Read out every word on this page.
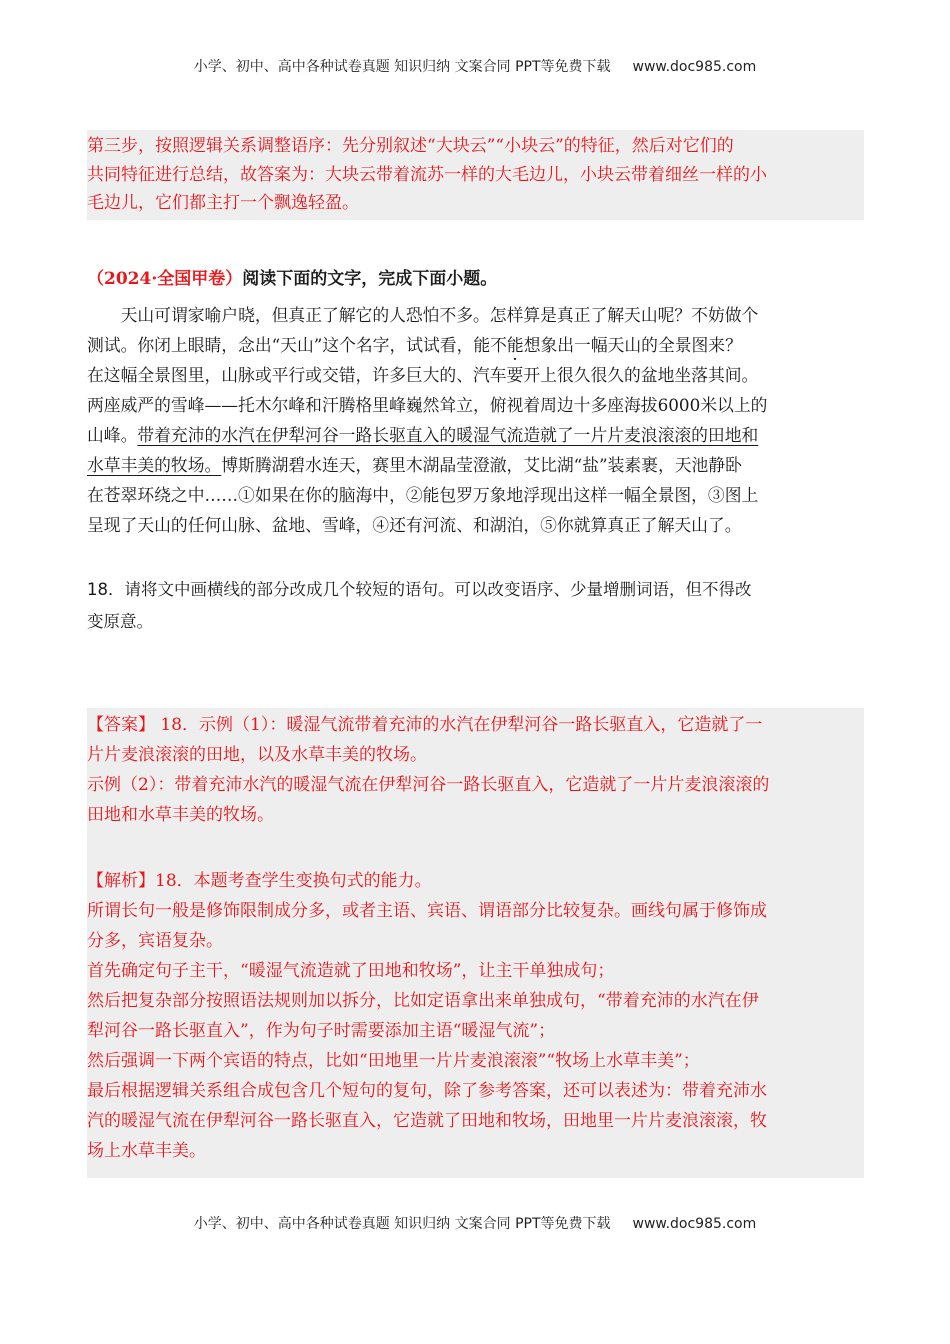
小学、初中、高中各种试卷真题 知识归纳 文案合同 PPT等免费下载 www.doc985.com
第三步，按照逻辑关系调整语序：先分别叙述“大块云”“小块云”的特征，然后对它们的
共同特征进行总结，故答案为：大块云带着流苏一样的大毛边儿，小块云带着细丝一样的小
毛边儿，它们都主打一个飘逸轻盈。
（2024·全国甲卷）阅读下面的文字，完成下面小题。
天山可谓家喻户晓，但真正了解它的人恐怕不多。怎样算是真正了解天山呢？不妨做个
测试。你闭上眼睛，念出“天山”这个名字，试试看，能不能想象出一幅天山的全景图来？
在这幅全景图里，山脉或平行或交错，许多巨大的、汽车要开上很久很久的盆地坐落其间。
两座威严的雪峰——托木尔峰和汗腾格里峰巍然耸立，俯视着周边十多座海拔6000米以上的
山峰。带着充沛的水汽在伊犁河谷一路长驱直入的暖湿气流造就了一片片麦浪滚滚的田地和
水草丰美的牧场。博斯腾湖碧水连天，赛里木湖晶莹澄澈，艾比湖“盐”装素裹，天池静卧
在苍翠环绕之中……①如果在你的脑海中，②能包罗万象地浮现出这样一幅全景图，③图上
呈现了天山的任何山脉、盆地、雪峰，④还有河流、和湖泊，⑤你就算真正了解天山了。
18．请将文中画横线的部分改成几个较短的语句。可以改变语序、少量增删词语，但不得改
变原意。
【答案】 18．示例（1）：暖湿气流带着充沛的水汽在伊犁河谷一路长驱直入，它造就了一
片片麦浪滚滚的田地，以及水草丰美的牧场。
示例（2）：带着充沛水汽的暖湿气流在伊犁河谷一路长驱直入，它造就了一片片麦浪滚滚的
田地和水草丰美的牧场。
【解析】18．本题考查学生变换句式的能力。
所谓长句一般是修饰限制成分多，或者主语、宾语、谓语部分比较复杂。画线句属于修饰成
分多，宾语复杂。
首先确定句子主干，“暖湿气流造就了田地和牧场”，让主干单独成句；
然后把复杂部分按照语法规则加以拆分，比如定语拿出来单独成句，“带着充沛的水汽在伊
犁河谷一路长驱直入”，作为句子时需要添加主语“暖湿气流”；
然后强调一下两个宾语的特点，比如“田地里一片片麦浪滚滚”“牧场上水草丰美”；
最后根据逻辑关系组合成包含几个短句的复句，除了参考答案，还可以表述为：带着充沛水
汽的暖湿气流在伊犁河谷一路长驱直入，它造就了田地和牧场，田地里一片片麦浪滚滚，牧
场上水草丰美。
小学、初中、高中各种试卷真题 知识归纳 文案合同 PPT等免费下载 www.doc985.com
